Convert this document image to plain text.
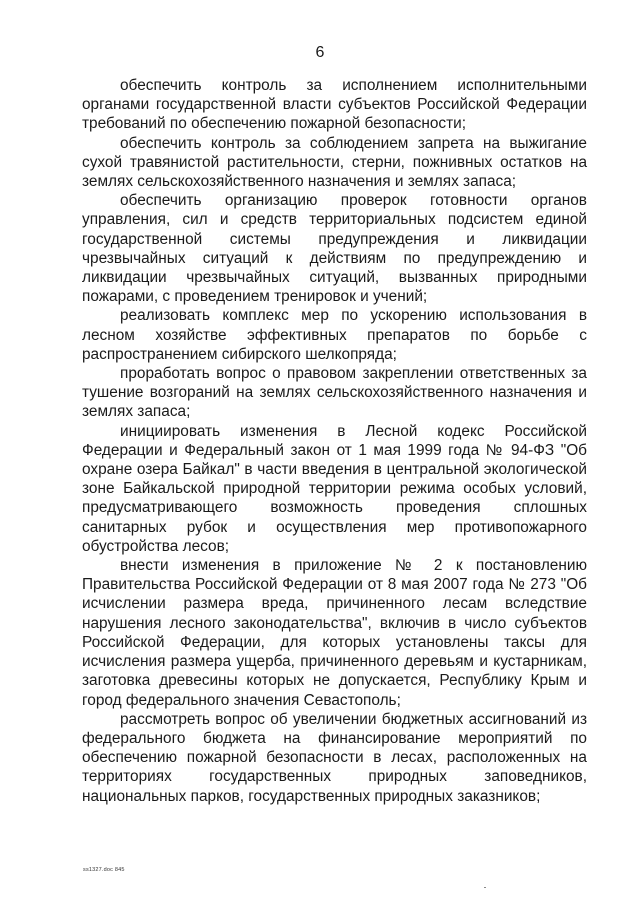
6

обеспечить контроль за исполнением исполнительными органами государственной власти субъектов Российской Федерации требований по обеспечению пожарной безопасности;

обеспечить контроль за соблюдением запрета на выжигание сухой травянистой растительности, стерни, пожнивных остатков на землях сельскохозяйственного назначения и землях запаса;

обеспечить организацию проверок готовности органов управления, сил и средств территориальных подсистем единой государственной системы предупреждения и ликвидации чрезвычайных ситуаций к действиям по предупреждению и ликвидации чрезвычайных ситуаций, вызванных природными пожарами, с проведением тренировок и учений;

реализовать комплекс мер по ускорению использования в лесном хозяйстве эффективных препаратов по борьбе с распространением сибирского шелкопряда;

проработать вопрос о правовом закреплении ответственных за тушение возгораний на землях сельскохозяйственного назначения и землях запаса;

инициировать изменения в Лесной кодекс Российской Федерации и Федеральный закон от 1 мая 1999 года № 94-ФЗ "Об охране озера Байкал" в части введения в центральной экологической зоне Байкальской природной территории режима особых условий, предусматривающего возможность проведения сплошных санитарных рубок и осуществления мер противопожарного обустройства лесов;

внести изменения в приложение № 2 к постановлению Правительства Российской Федерации от 8 мая 2007 года № 273 "Об исчислении размера вреда, причиненного лесам вследствие нарушения лесного законодательства", включив в число субъектов Российской Федерации, для которых установлены таксы для исчисления размера ущерба, причиненного деревьям и кустарникам, заготовка древесины которых не допускается, Республику Крым и город федерального значения Севастополь;

рассмотреть вопрос об увеличении бюджетных ассигнований из федерального бюджета на финансирование мероприятий по обеспечению пожарной безопасности в лесах, расположенных на территориях государственных природных заповедников, национальных парков, государственных природных заказников;

ss1327.doc 845
